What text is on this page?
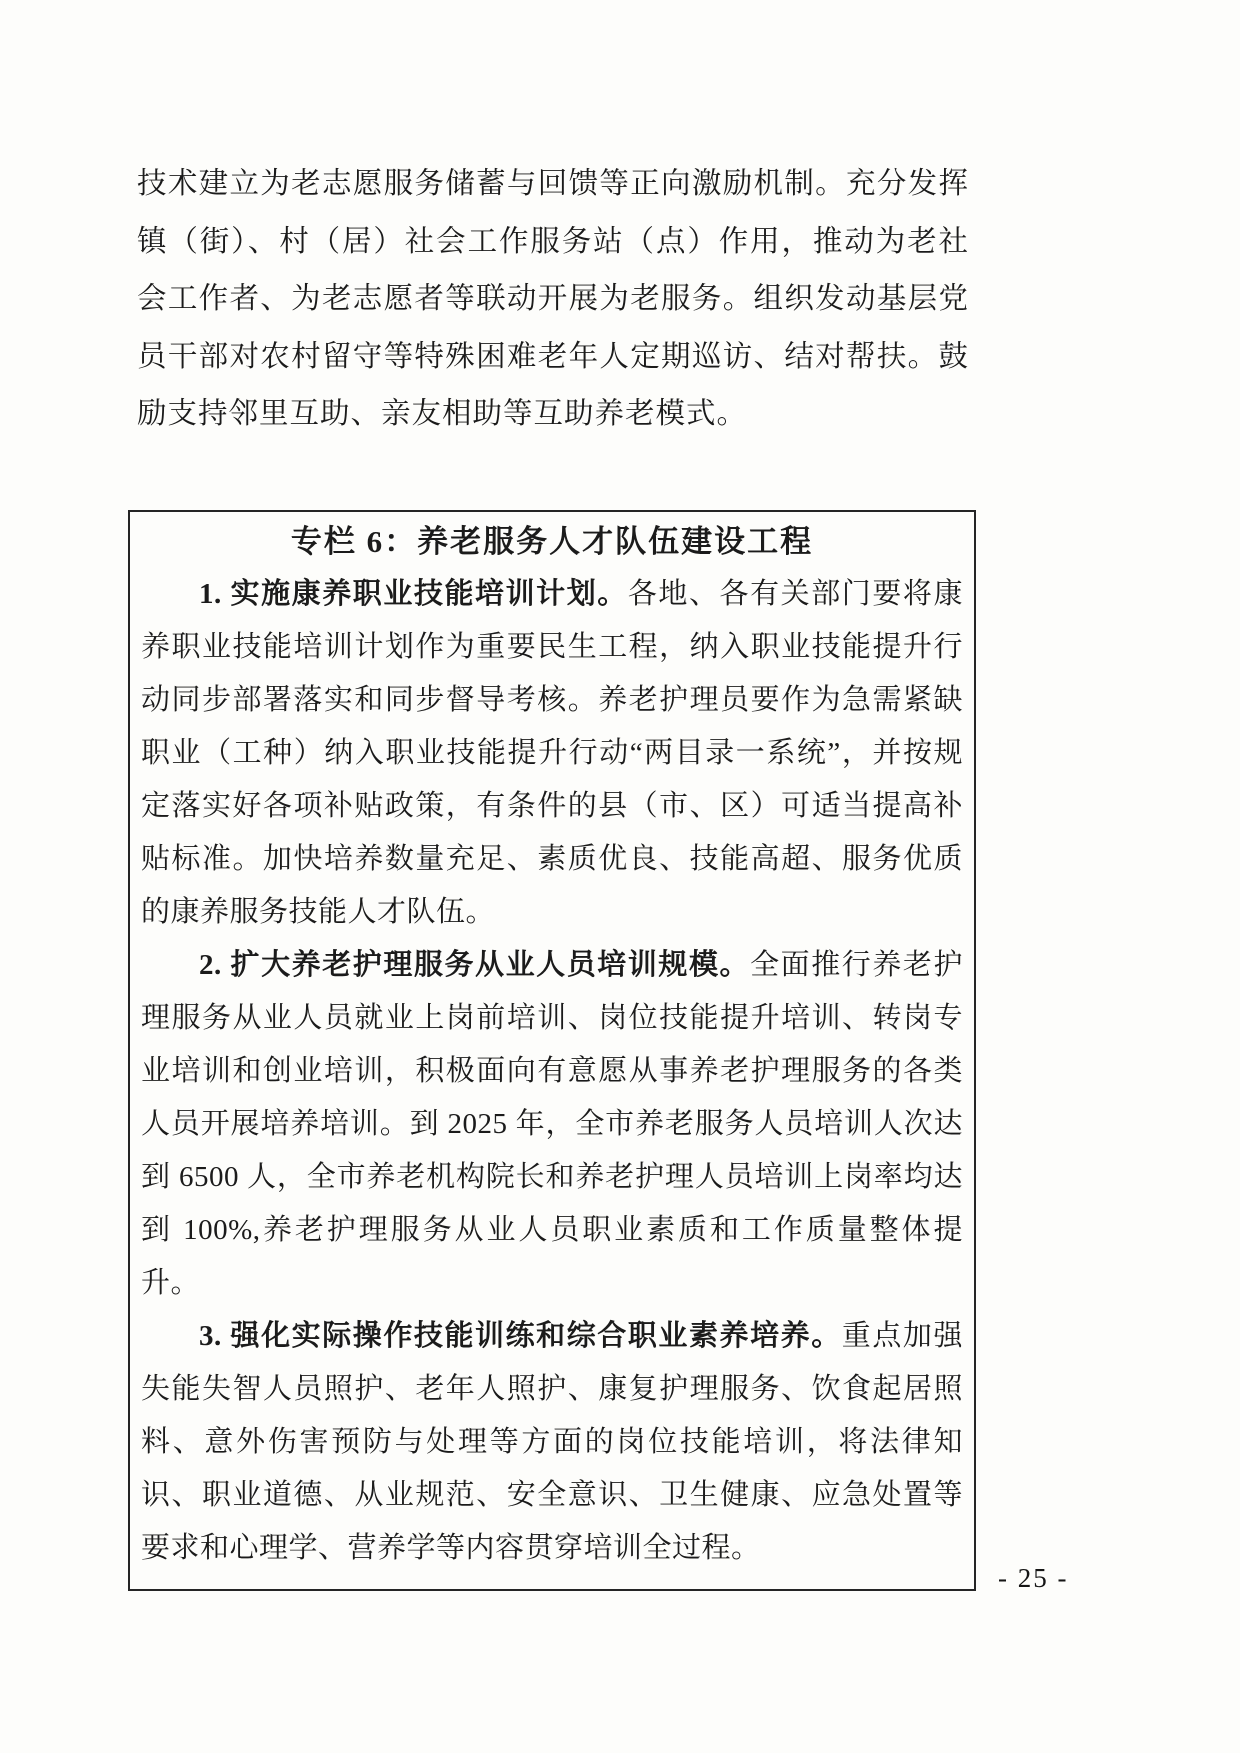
技术建立为老志愿服务储蓄与回馈等正向激励机制。充分发挥镇（街）、村（居）社会工作服务站（点）作用，推动为老社会工作者、为老志愿者等联动开展为老服务。组织发动基层党员干部对农村留守等特殊困难老年人定期巡访、结对帮扶。鼓励支持邻里互助、亲友相助等互助养老模式。

专栏 6：养老服务人才队伍建设工程

1. 实施康养职业技能培训计划。各地、各有关部门要将康养职业技能培训计划作为重要民生工程，纳入职业技能提升行动同步部署落实和同步督导考核。养老护理员要作为急需紧缺职业（工种）纳入职业技能提升行动“两目录一系统”，并按规定落实好各项补贴政策，有条件的县（市、区）可适当提高补贴标准。加快培养数量充足、素质优良、技能高超、服务优质的康养服务技能人才队伍。

2. 扩大养老护理服务从业人员培训规模。全面推行养老护理服务从业人员就业上岗前培训、岗位技能提升培训、转岗专业培训和创业培训，积极面向有意愿从事养老护理服务的各类人员开展培养培训。到 2025 年，全市养老服务人员培训人次达到 6500 人，全市养老机构院长和养老护理人员培训上岗率均达到 100%,养老护理服务从业人员职业素质和工作质量整体提升。

3. 强化实际操作技能训练和综合职业素养培养。重点加强失能失智人员照护、老年人照护、康复护理服务、饮食起居照料、意外伤害预防与处理等方面的岗位技能培训，将法律知识、职业道德、从业规范、安全意识、卫生健康、应急处置等要求和心理学、营养学等内容贯穿培训全过程。

- 25 -
